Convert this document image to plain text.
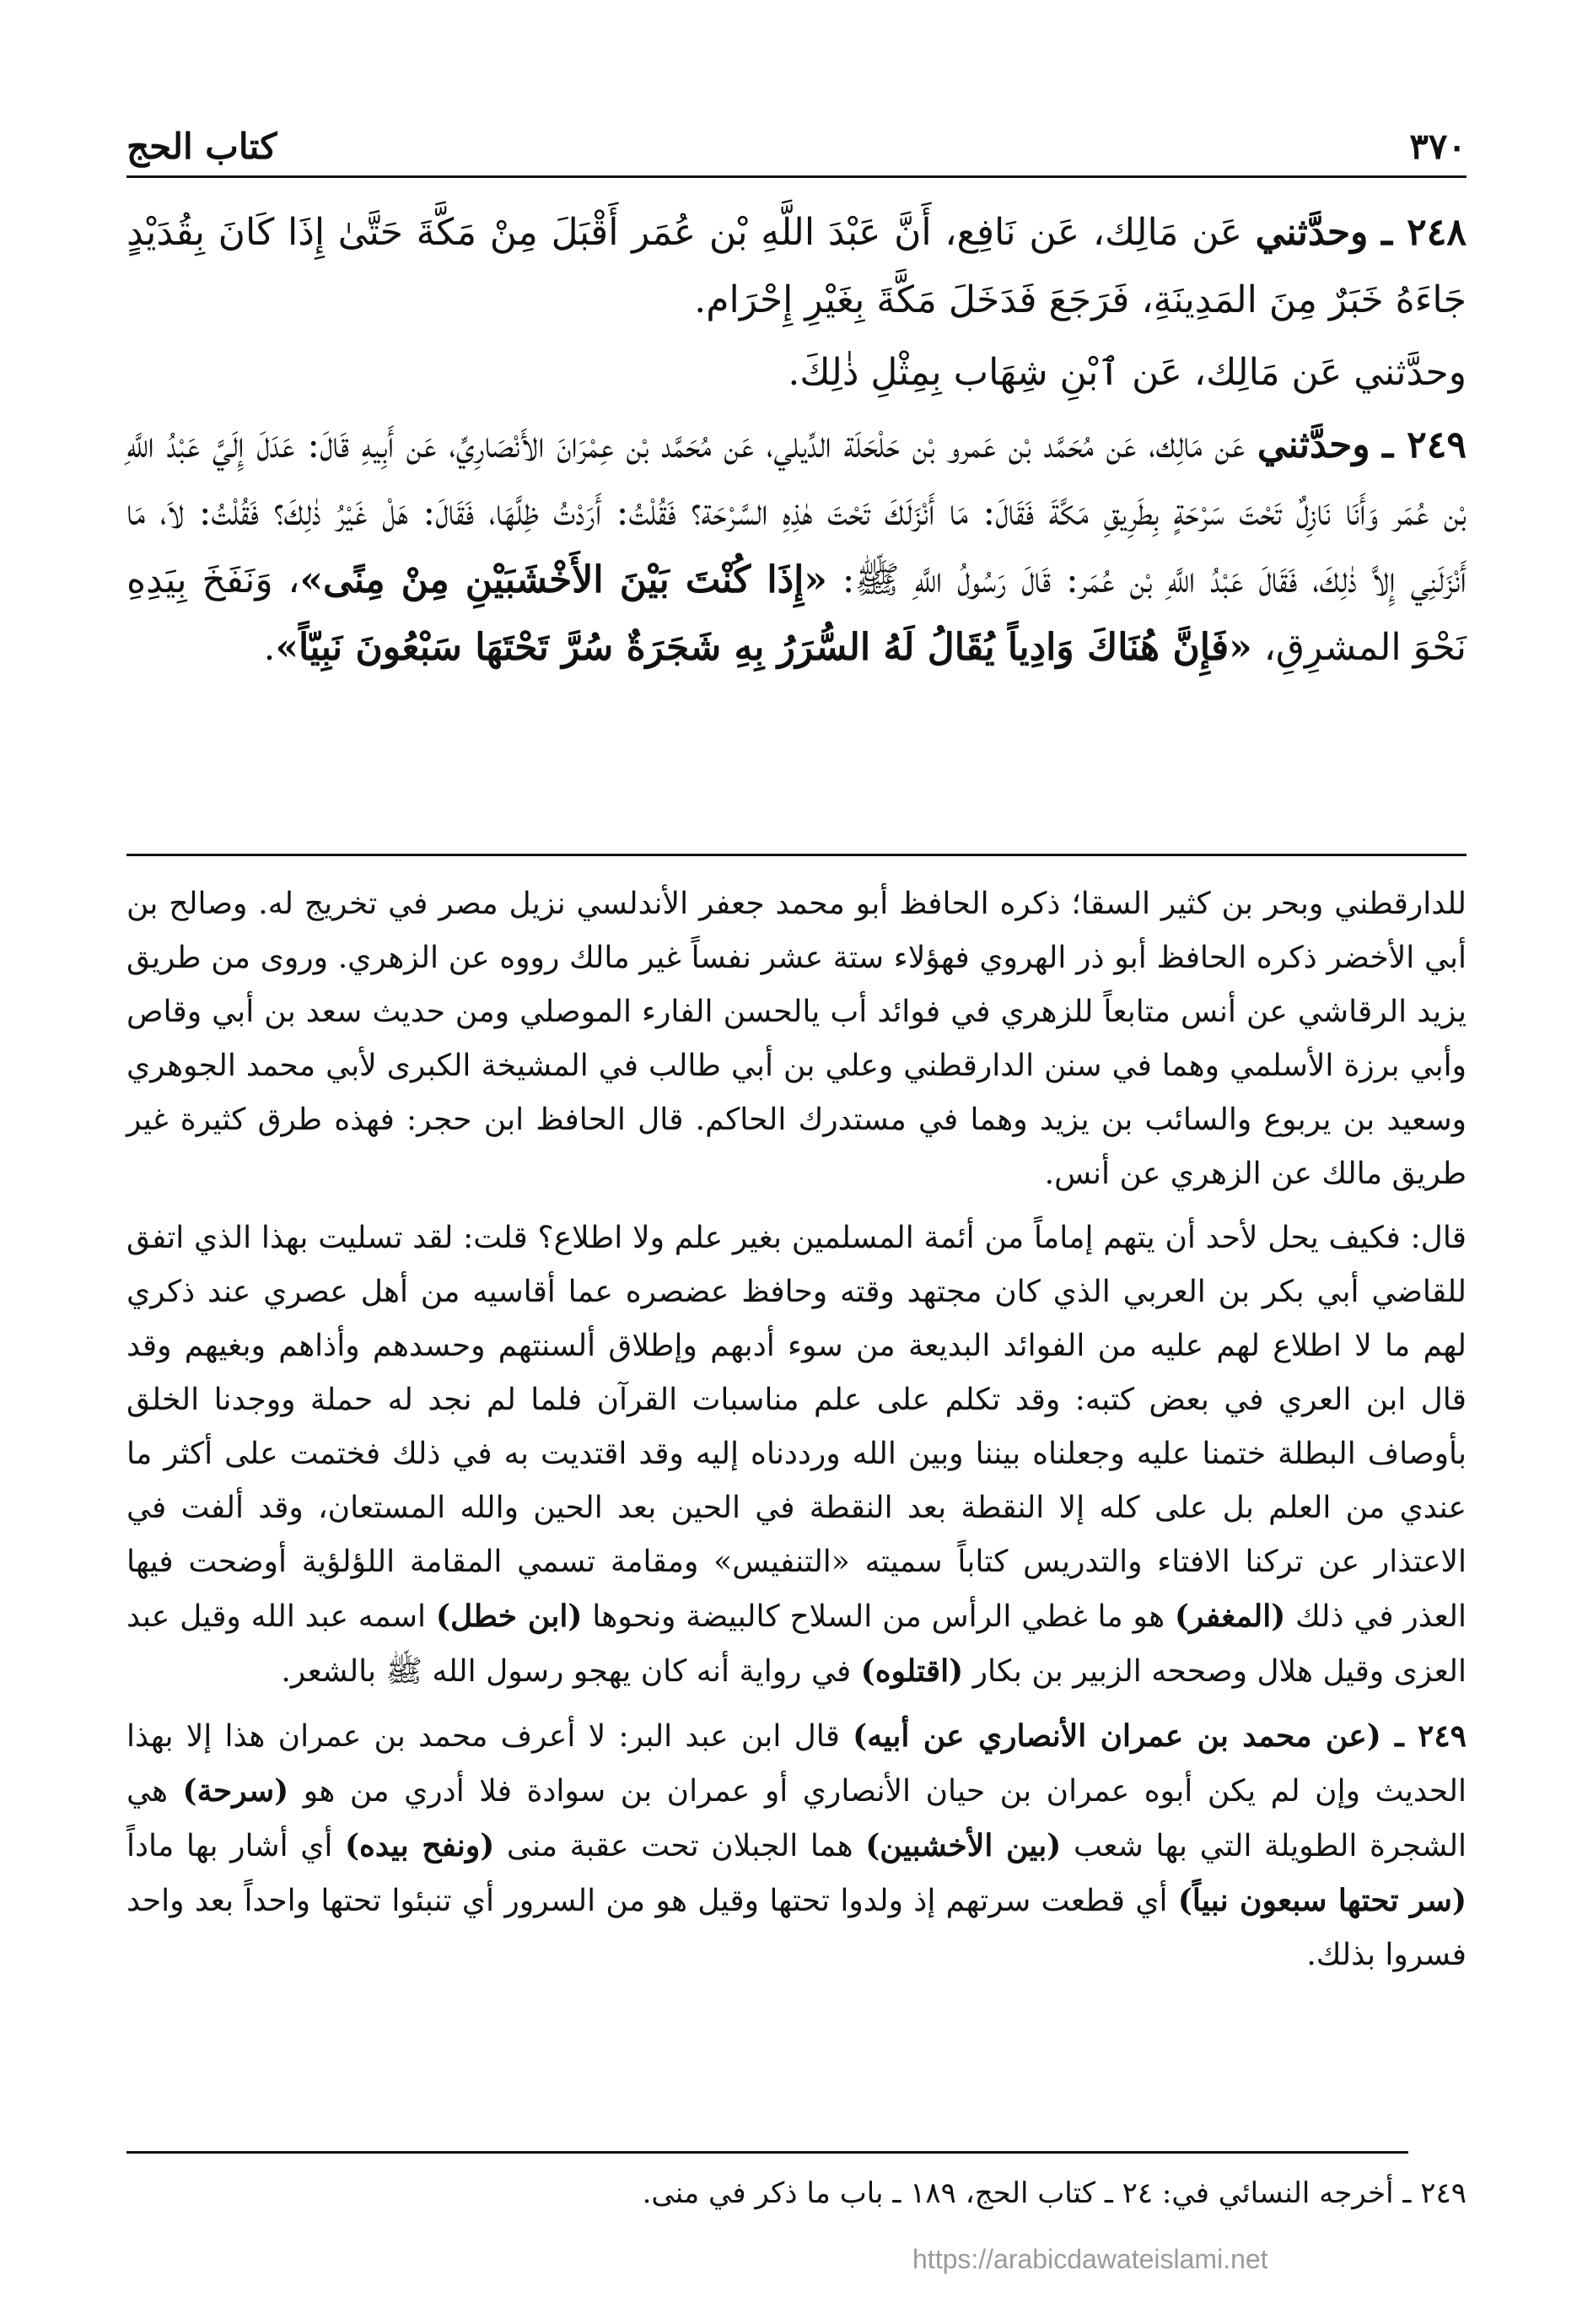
٣٧٠
كتاب الحج

٢٤٨ ـ وحدَّثني عَن مَالِك، عَن نَافِع، أَنَّ عَبْدَ اللَّهِ بْن عُمَر أَقْبَلَ مِنْ مَكَّةَ حَتَّىٰ إِذَا كَانَ بِقُدَيْدٍ جَاءَهُ خَبَرٌ مِنَ المَدِينَةِ، فَرَجَعَ فَدَخَلَ مَكَّةَ بِغَيْرِ إِحْرَام.

وحدَّثني عَن مَالِك، عَن ٱبْنِ شِهَاب بِمِثْلِ ذٰلِكَ.

٢٤٩ ـ وحدَّثني عَن مَالِك، عَن مُحَمَّد بْن عَمرو بْن حَلْحَلَة الدِّيلي، عَن مُحَمَّد بْن عِمْرَانَ الأَنْصَارِيِّ، عَن أَبِيهِ قَالَ: عَدَلَ إِلَيَّ عَبْدُ اللَّهِ بْن عُمَر وَأَنَا نَازِلٌ تَحْتَ سَرْحَةٍ بِطَرِيقِ مَكَّةَ فَقَالَ: مَا أَنْزَلَكَ تَحْتَ هٰذِهِ السَّرْحَة؟ فَقُلْتُ: أَرَدْتُ ظِلَّهَا، فَقَالَ: هَلْ غَيْرُ ذٰلِكَ؟ فَقُلْتُ: لاَ، مَا أَنْزَلَنِي إِلاَّ ذٰلِكَ، فَقَالَ عَبْدُ اللَّهِ بْن عُمَر: قَالَ رَسُولُ اللَّهِ ﷺ: «إِذَا كُنْتَ بَيْنَ الأَخْشَبَيْنِ مِنْ مِنًى»، وَنَفَخَ بِيَدِهِ نَحْوَ المشرِقِ، «فَإِنَّ هُنَاكَ وَادِياً يُقَالُ لَهُ السُّرَرُ بِهِ شَجَرَةٌ سُرَّ تَحْتَهَا سَبْعُونَ نَبِيّاً».

للدارقطني وبحر بن كثير السقا؛ ذكره الحافظ أبو محمد جعفر الأندلسي نزيل مصر في تخريج له. وصالح بن أبي الأخضر ذكره الحافظ أبو ذر الهروي فهؤلاء ستة عشر نفساً غير مالك رووه عن الزهري. وروى من طريق يزيد الرقاشي عن أنس متابعاً للزهري في فوائد أب يالحسن الفارء الموصلي ومن حديث سعد بن أبي وقاص وأبي برزة الأسلمي وهما في سنن الدارقطني وعلي بن أبي طالب في المشيخة الكبرى لأبي محمد الجوهري وسعيد بن يربوع والسائب بن يزيد وهما في مستدرك الحاكم. قال الحافظ ابن حجر: فهذه طرق كثيرة غير طريق مالك عن الزهري عن أنس.

قال: فكيف يحل لأحد أن يتهم إماماً من أئمة المسلمين بغير علم ولا اطلاع؟ قلت: لقد تسليت بهذا الذي اتفق للقاضي أبي بكر بن العربي الذي كان مجتهد وقته وحافظ عضصره عما أقاسيه من أهل عصري عند ذكري لهم ما لا اطلاع لهم عليه من الفوائد البديعة من سوء أدبهم وإطلاق ألسنتهم وحسدهم وأذاهم وبغيهم وقد قال ابن العري في بعض كتبه: وقد تكلم على علم مناسبات القرآن فلما لم نجد له حملة ووجدنا الخلق بأوصاف البطلة ختمنا عليه وجعلناه بيننا وبين الله ورددناه إليه وقد اقتديت به في ذلك فختمت على أكثر ما عندي من العلم بل على كله إلا النقطة بعد النقطة في الحين بعد الحين والله المستعان، وقد ألفت في الاعتذار عن تركنا الافتاء والتدريس كتاباً سميته «التنفيس» ومقامة تسمي المقامة اللؤلؤية أوضحت فيها العذر في ذلك (المغفر) هو ما غطي الرأس من السلاح كالبيضة ونحوها (ابن خطل) اسمه عبد الله وقيل عبد العزى وقيل هلال وصححه الزبير بن بكار (اقتلوه) في رواية أنه كان يهجو رسول الله ﷺ بالشعر.

٢٤٩ ـ (عن محمد بن عمران الأنصاري عن أبيه) قال ابن عبد البر: لا أعرف محمد بن عمران هذا إلا بهذا الحديث وإن لم يكن أبوه عمران بن حيان الأنصاري أو عمران بن سوادة فلا أدري من هو (سرحة) هي الشجرة الطويلة التي بها شعب (بين الأخشبين) هما الجبلان تحت عقبة منى (ونفح بيده) أي أشار بها ماداً (سر تحتها سبعون نبياً) أي قطعت سرتهم إذ ولدوا تحتها وقيل هو من السرور أي تنبئوا تحتها واحداً بعد واحد فسروا بذلك.

٢٤٩ ـ أخرجه النسائي في: ٢٤ ـ كتاب الحج، ١٨٩ ـ باب ما ذكر في منى.
https://arabicdawateislami.net
